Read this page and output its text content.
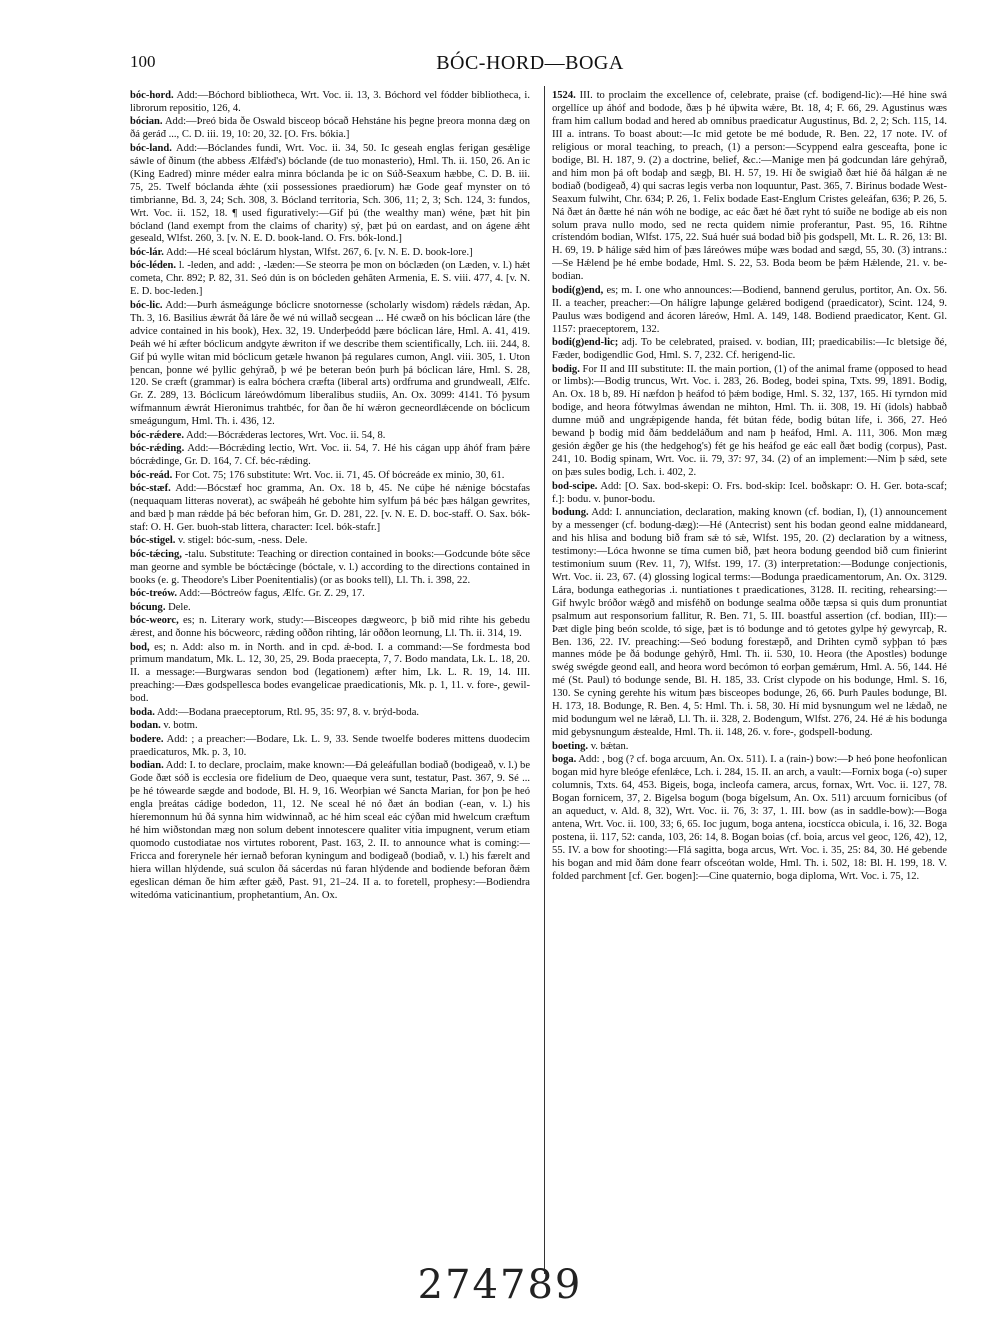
100	BÓC-HORD—BOGA

bóc-hord. Add:—Bóchord bibliotheca, Wrt. Voc. ii. 13, 3. Bóchord vel fódder bibliotheca, i. librorum repositio, 126, 4.

bócian. Add:—Þreó bida ðe Oswald bisceop bócað Hehstáne his þegne þreora monna dæg on ðá geráđ ..., C. D. iii. 19, 10: 20, 32. [O. Frs. bókia.]

bóc-land. Add:—Bóclandes fundi, Wrt. Voc. ii. 34, 50. Ic geseah englas ferigan gesǽlige sáwle of ðinum (the abbess Ælfǽd's) bóclande (de tuo monasterio), Hml. Th. ii. 150, 26. An ic (King Eadred) minre méder ealra minra bóclanda þe ic on Súð-Seaxum hæbbe, C. D. B. iii. 75, 25. Twelf bóclanda ǽhte (xii possessiones praediorum) hæ Gode geaf mynster on tó timbrianne, Bd. 3, 24; Sch. 308, 3. Bócland territoria, Sch. 306, 11; 2, 3; Sch. 124, 3: fundos, Wrt. Voc. ii. 152, 18. ¶ used figuratively:—Gif þú (the wealthy man) wéne, þæt hit þin bócland (land exempt from the claims of charity) sý, þæt þú on eardast, and on ágene ǽht geseald, Wlfst. 260, 3. [v. N. E. D. book-land. O. Frs. bók-lond.]

bóc-lár. Add:—Hé sceal bóclárum hlystan, Wlfst. 267, 6. [v. N. E. D. book-lore.]

bóc-léden. l. -leden, and add: , -læden:—Se steorra þe mon on bóclæden (on Læden, v. l.) hǽt cometa, Chr. 892; P. 82, 31. Seó dún is on bócleden gehâten Armenia, E. S. viii. 477, 4. [v. N. E. D. boc-leden.]

bóc-lic. Add:—Þurh ásmeágunge bóclicre snotornesse (scholarly wisdom) rǽdels rǽdan, Ap. Th. 3, 16. Basilius ǽwrát ðá láre ðe wé nú willað secgean ... Hé cwæð on his bóclican láre (the advice contained in his book), Hex. 32, 19. Underþeódd þære bóclican láre, Hml. A. 41, 419. Þeáh wé hí æfter bóclicum andgyte ǽwriton if we describe them scientifically, Lch. iii. 244, 8. Gif þú wylle witan mid bóclicum getæle hwanon þá regulares cumon, Angl. viii. 305, 1. Uton þencan, þonne wé þyllic gehýrað, þ wé þe beteran beón þurh þá bóclican láre, Hml. S. 28, 120. Se cræft (grammar) is ealra bóchera cræfta (liberal arts) ordfruma and grundweall, Ælfc. Gr. Z. 289, 13. Bóclicum láreówdómum liberalibus studiis, An. Ox. 3099: 4141. Tó þysum wífmannum ǽwrát Hieronimus trahtbéc, for ðan ðe hí wǽron gecneordlǽcende on bóclicum smeágungum, Hml. Th. i. 436, 12.

bóc-rǽdere. Add:—Bócrǽderas lectores, Wrt. Voc. ii. 54, 8.

bóc-rǽding. Add:—Bócrǽding lectio, Wrt. Voc. ii. 54, 7. Hé his cágan upp áhóf fram þǽre bócrǽdinge, Gr. D. 164, 7. Cf. béc-rǽding.

bóc-reád. For Cot. 75; 176 substitute: Wrt. Voc. ii. 71, 45. Of bócreáde ex minio, 30, 61.

bóc-stæf. Add:—Bócstæf hoc gramma, An. Ox. 18 b, 45. Ne cúþe hé nǽnige bócstafas (nequaquam litteras noverat), ac swáþeáh hé gebohte him sylfum þá béc þæs hálgan gewrites, and bæd þ man rǽdde þá béc beforan him, Gr. D. 281, 22. [v. N. E. D. boc-staff. O. Sax. bók-staf: O. H. Ger. buoh-stab littera, character: Icel. bók-stafr.]

bóc-stigel. v. stigel: bóc-sum, -ness. Dele.

bóc-tǽcing, -talu. Substitute: Teaching or direction contained in books:—Godcunde bóte sěce man georne and symble be bóctǽcinge (bóctale, v. l.) according to the directions contained in books (e. g. Theodore's Liber Poenitentialis) (or as books tell), Ll. Th. i. 398, 22.

bóc-treów. Add:—Bóctreów fagus, Ælfc. Gr. Z. 29, 17.

bócung. Dele.

bóc-weorc, es; n. Literary work, study:—Bisceopes dægweorc, þ bið mid rihte his gebedu ǽrest, and ðonne his bócweorc, rǽding oððon rihting, lár oððon leornung, Ll. Th. ii. 314, 19.

bod, es; n. Add: also m. in North. and in cpd. ǽ-bod. I. a command:—Se fordmesta bod primum mandatum, Mk. L. 12, 30, 25, 29. Boda praecepta, 7, 7. Bodo mandata, Lk. L. 18, 20. II. a message:—Burgwaras sendon bod (legationem) æfter him, Lk. L. R. 19, 14. III. preaching:—Ðæs godspellesca bodes evangelicae praedicationis, Mk. p. 1, 11. v. fore-, gewil-bod.

boda. Add:—Bodana praeceptorum, Rtl. 95, 35: 97, 8. v. brýd-boda.

bodan. v. botm.

bodere. Add: ; a preacher:—Bodare, Lk. L. 9, 33. Sende twoelfe boderes mittens duodecim praedicaturos, Mk. p. 3, 10.

bodian. Add: I. to declare, proclaim, make known:—Ðá geleáfullan bodiað (bodigeað, v. l.) be Gode ðæt sóð is ecclesia ore fidelium de Deo, quaeque vera sunt, testatur, Past. 367, 9. Sé ... þe hé tówearde sægde and bodode, Bl. H. 9, 16. Weorþian wé Sancta Marian, for þon þe heó engla þreátas cádige bodedon, 11, 12. Ne sceal hé nó ðæt án bodian (-ean, v. l.) his híeremonnum hú ðá synna him widwinnað, ac hé him sceal eác cýðan mid hwelcum cræftum hé him wiðstondan mæg non solum debent innotescere qualiter vitia impugnent, verum etiam quomodo custodiatae nos virtutes roborent, Past. 163, 2. II. to announce what is coming:—Fricca and forerynele hér iernað beforan kyningum and bodigeað (bodiað, v. l.) his færelt and hiera willan hlýdende, suá sculon ðá sácerdas nú faran hlýdende and bodiende beforan ðǽm egeslican déman ðe him æfter gǽð, Past. 91, 21–24. II a. to foretell, prophesy:—Bodiendra witedóma vaticinantium, prophetantium, An. Ox.

1524. III. to proclaim the excellence of, celebrate, praise (cf. bodigend-lic):—Hé hine swá orgellíce up áhóf and bodode, ðæs þ hé úþwita wǽre, Bt. 18, 4; F. 66, 29. Agustinus wæs fram him callum bodad and hered ab omnibus praedicatur Augustinus, Bd. 2, 2; Sch. 115, 14. III a. intrans. To boast about:—Ic mid getote be mé bodude, R. Ben. 22, 17 note. IV. of religious or moral teaching, to preach, (1) a person:—Scyppend ealra gesceafta, þone ic bodige, Bl. H. 187, 9. (2) a doctrine, belief, &c.:—Manige men þá godcundan láre gehýrað, and him mon þá oft bodaþ and sægþ, Bl. H. 57, 19. Hí ðe swigiað ðæt hié ðá hálgan ǽ ne bodiað (bodigeað, 4) qui sacras legis verba non loquuntur, Past. 365, 7. Birinus bodade West-Seaxum fulwiht, Chr. 634; P. 26, 1. Felix bodade East-Englum Cristes geleáfan, 636; P. 26, 5. Ná ðæt án ðætte hé nán wóh ne bodige, ac eác ðæt hé ðæt ryht tó suíðe ne bodige ab eis non solum prava nullo modo, sed ne recta quidem nimie proferantur, Past. 95, 16. Rihtne crístendóm bodian, Wlfst. 175, 22. Suá huér suá bodad bið þis godspell, Mt. L. R. 26, 13: Bl. H. 69, 19. Þ hálige sǽd him of þæs láreówes múþe wæs bodad and sægd, 55, 30. (3) intrans.:—Se Hǽlend þe hé embe bodade, Hml. S. 22, 53. Boda beom be þǽm Hǽlende, 21. v. be-bodian.

bodi(g)end, es; m. I. one who announces:—Bodiend, bannend gerulus, portitor, An. Ox. 56. II. a teacher, preacher:—On hálígre laþunge gelǽred bodigend (praedicator), Scint. 124, 9. Paulus wæs bodigend and ácoren láreów, Hml. A. 149, 148. Bodiend praedicator, Kent. Gl. 1157: praeceptorem, 132.

bodi(g)end-lic; adj. To be celebrated, praised. v. bodian, III; praedicabilis:—Ic bletsige ðé, Fæder, bodigendlic God, Hml. S. 7, 232. Cf. herigend-lic.

bodig. For II and III substitute: II. the main portion, (1) of the animal frame (opposed to head or limbs):—Bodig truncus, Wrt. Voc. i. 283, 26. Bodeg, bodei spina, Txts. 99, 1891. Bodig, An. Ox. 18 b, 89. Hí næfdon þ heáfod tó þǽm bodige, Hml. S. 32, 137, 165. Hí tyrndon mid bodige, and heora fótwylmas áwendan ne mihton, Hml. Th. ii. 308, 19. Hí (idols) habbað dumne múð and ungrǽpigende handa, fét bútan féde, bodig bútan lífe, i. 366, 27. Heó bewand þ bodig mid ðám beddeláðum and nam þ heáfod, Hml. A. 111, 306. Mon mæg gesión ǽgðer ge his (the hedgehog's) fét ge his heáfod ge eác eall ðæt bodig (corpus), Past. 241, 10. Bodig spinam, Wrt. Voc. ii. 79, 37: 97, 34. (2) of an implement:—Nim þ sǽd, sete on þæs sules bodig, Lch. i. 402, 2.

bod-scipe. Add: [O. Sax. bod-skepi: O. Frs. bod-skip: Icel. boðskapr: O. H. Ger. bota-scaf; f.]: bodu. v. þunor-bodu.

bodung. Add: I. annunciation, declaration, making known (cf. bodian, I), (1) announcement by a messenger (cf. bodung-dæg):—Hé (Antecrist) sent his bodan geond ealne middaneard, and his hlisa and bodung bið fram sǽ tó sǽ, Wlfst. 195, 20. (2) declaration by a witness, testimony:—Lóca hwonne se tíma cumen bið, þæt heora bodung geendod bið cum finierint testimonium suum (Rev. 11, 7), Wlfst. 199, 17. (3) interpretation:—Bodunge conjectionis, Wrt. Voc. ii. 23, 67. (4) glossing logical terms:—Bodunga praedicamentorum, An. Ox. 3129. Lára, bodunga eathegorias .i. nuntiationes t praedicationes, 3128. II. reciting, rehearsing:—Gif hwylc bróðor wǽgð and misféhð on bodunge sealma oððe tæpsa si quis dum pronuntiat psalmum aut responsorium fallitur, R. Ben. 71, 5. III. boastful assertion (cf. bodian, III):—Þæt digle þing beón scolde, tó sige, þæt is tó bodunge and tó getotes gylpe hý gewyrcaþ, R. Ben. 136, 22. IV. preaching:—Seó bodung forestæpð, and Drihten cymð syþþan tó þæs mannes móde þe ðá bodunge gehýrð, Hml. Th. ii. 530, 10. Heora (the Apostles) bodunge swég swégde geond eall, and heora word becómon tó eorþan gemǽrum, Hml. A. 56, 144. Hé mé (St. Paul) tó bodunge sende, Bl. H. 185, 33. Críst clypode on his bodunge, Hml. S. 16, 130. Se cyning gerehte his witum þæs bisceopes bodunge, 26, 66. Þurh Paules bodunge, Bl. H. 173, 18. Bodunge, R. Ben. 4, 5: Hml. Th. i. 58, 30. Hí mid bysnungum wel ne lǽdað, ne mid bodungum wel ne lǽrað, Ll. Th. ii. 328, 2. Bodengum, Wlfst. 276, 24. Hé ǽ his bodunga mid gebysnungum ǽstealde, Hml. Th. ii. 148, 26. v. fore-, godspell-bodung.

boeting. v. bǽtan.

boga. Add: , bog (? cf. boga arcuum, An. Ox. 511). I. a (rain-) bow:—Þ heó þone heofonlican bogan mid hyre bleóge efenlǽce, Lch. i. 284, 15. II. an arch, a vault:—Fornix boga (-o) super columnis, Txts. 64, 453. Bigeis, boga, incleofa camera, arcus, fornax, Wrt. Voc. ii. 127, 78. Bogan fornicem, 37, 2. Bigelsa bogum (boga bígelsum, An. Ox. 511) arcuum fornicibus (of an aqueduct, v. Ald. 8, 32), Wrt. Voc. ii. 76, 3: 37, 1. III. bow (as in saddle-bow):—Boga antena, Wrt. Voc. ii. 100, 33; 6, 65. Ioc jugum, boga antena, iocstícca obicula, i. 16, 32. Boga postena, ii. 117, 52: canda, 103, 26: 14, 8. Bogan boias (cf. boia, arcus vel geoc, 126, 42), 12, 55. IV. a bow for shooting:—Flá sagitta, boga arcus, Wrt. Voc. i. 35, 25: 84, 30. Hé gebende his bogan and mid ðám done fearr ofsceótan wolde, Hml. Th. i. 502, 18: Bl. H. 199, 18. V. folded parchment [cf. Ger. bogen]:—Cine quaternio, boga diploma, Wrt. Voc. i. 75, 12.

274789
